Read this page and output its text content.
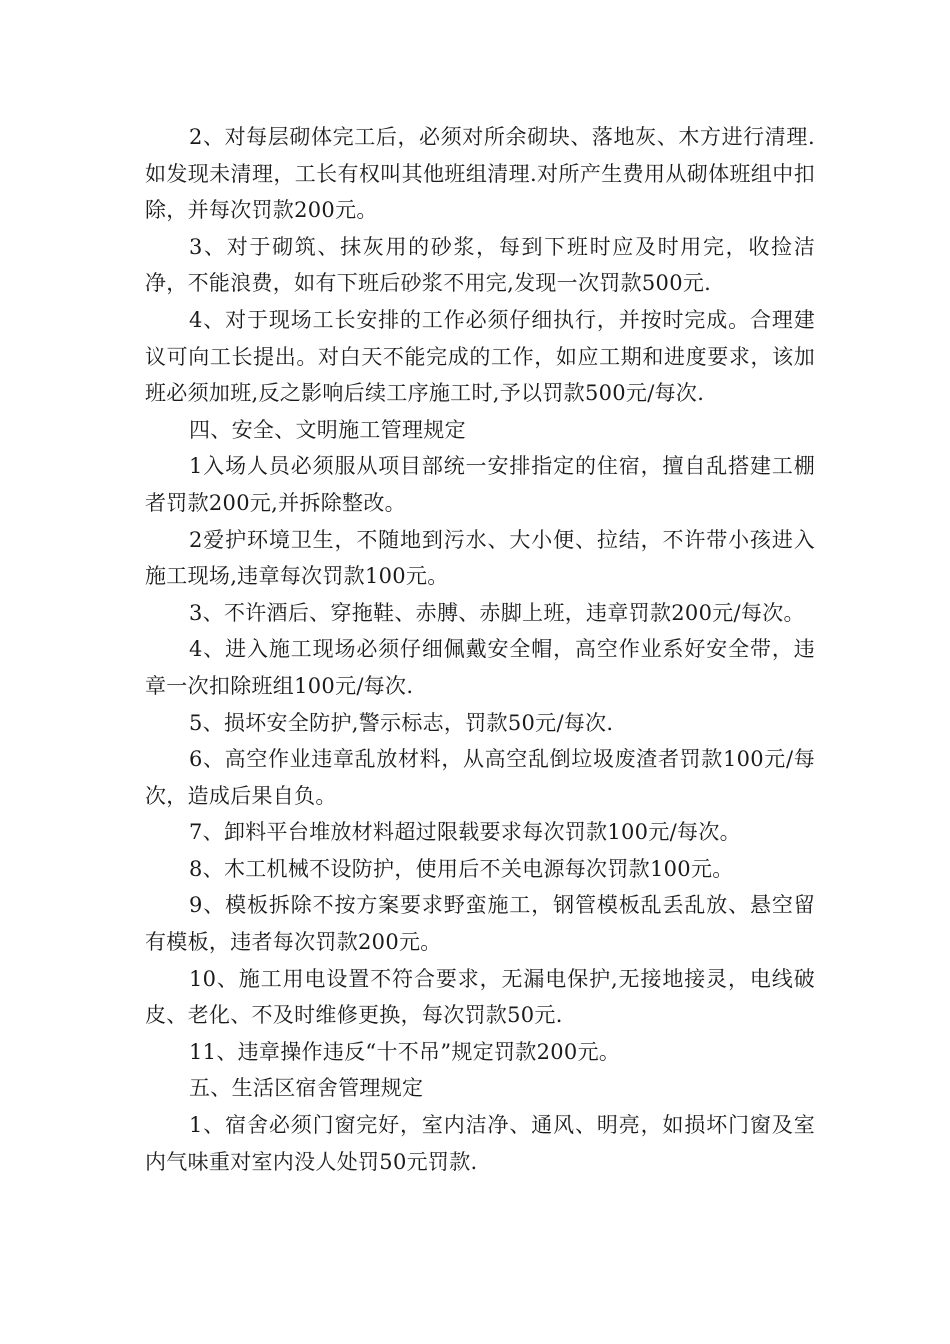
2、对每层砌体完工后，必须对所余砌块、落地灰、木方进行清理.如发现未清理，工长有权叫其他班组清理.对所产生费用从砌体班组中扣除，并每次罚款200元。

3、对于砌筑、抹灰用的砂浆，每到下班时应及时用完，收捡洁净，不能浪费，如有下班后砂浆不用完,发现一次罚款500元.

4、对于现场工长安排的工作必须仔细执行，并按时完成。合理建议可向工长提出。对白天不能完成的工作，如应工期和进度要求，该加班必须加班,反之影响后续工序施工时,予以罚款500元/每次.

四、安全、文明施工管理规定

1入场人员必须服从项目部统一安排指定的住宿，擅自乱搭建工棚者罚款200元,并拆除整改。

2爱护环境卫生，不随地到污水、大小便、拉结，不许带小孩进入施工现场,违章每次罚款100元。

3、不许酒后、穿拖鞋、赤膊、赤脚上班，违章罚款200元/每次。

4、进入施工现场必须仔细佩戴安全帽，高空作业系好安全带，违章一次扣除班组100元/每次.

5、损坏安全防护,警示标志，罚款50元/每次.

6、高空作业违章乱放材料，从高空乱倒垃圾废渣者罚款100元/每次，造成后果自负。

7、卸料平台堆放材料超过限载要求每次罚款100元/每次。

8、木工机械不设防护，使用后不关电源每次罚款100元。

9、模板拆除不按方案要求野蛮施工，钢管模板乱丢乱放、悬空留有模板，违者每次罚款200元。

10、施工用电设置不符合要求，无漏电保护,无接地接灵，电线破皮、老化、不及时维修更换，每次罚款50元.

11、违章操作违反“十不吊”规定罚款200元。

五、生活区宿舍管理规定

1、宿舍必须门窗完好，室内洁净、通风、明亮，如损坏门窗及室内气味重对室内没人处罚50元罚款.
